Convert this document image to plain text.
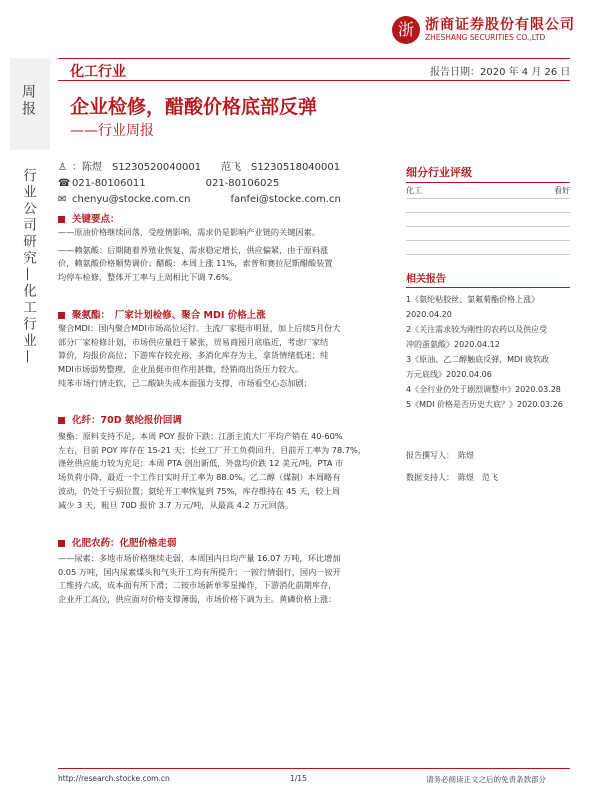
浙 浙商证券股份有限公司
ZHESHANG SECURITIES CO.,LTD
周报
化工行业	报告日期：2020 年 4 月 26 日
企业检修，醋酸价格底部反弹
——行业周报
行业公司研究—化工行业—
♙ ：陈煜　S1230520040001　　范飞　S1230518040001
☎ 021-80106011　　　　　　021-80106025
✉ chenyu@stocke.com.cn　　　　fanfei@stocke.com.cn
细分行业评级
化工	看好
相关报告
1《氨纶粘胶丝、氯氟菊酯价格上涨》
2020.04.20
2《关注需求较为刚性的农药以及供应受
冲的蛋氨酸》2020.04.12
3《原油、乙二醇触底反弹，MDI 疲软政
万元底线》2020.04.06
4《全行业仍处于剧烈调整中》2020.03.28
5《MDI 价格是否历史大底？》2020.03.26
报告撰写人：　陈煜
数据支持人：　陈煜　范飞
关键要点：
——原油价格继续回落，受疫情影响，需求仍是影响产业链的关键因素。
——赖氨酸：后期随着养殖业恢复，需求稳定增长，供应偏紧，由于原料涨
价，赖氨酸价格顺势调价；醋酸：本周上涨 11%，索普和赛拉尼斯醋酸装置
均停车检修，整体开工率与上周相比下调 7.6%。
聚氨酯：　厂家计划检修、聚合 MDI 价格上涨
聚合MDI：国内聚合MDI市场高位运行。主流厂家挺市明显，加上后续5月份大
部分厂家检修计划，市场供应量趋于紧张，贸易商囤月底临近，考虑厂家结
算价，均报价高位；下游库存较充裕，多消化库存为主，拿货情绪低迷；纯
MDI市场弱势整理，企业虽挺市但作用甚微，经销商出货压力较大。
纯苯市场行情走软，己二酸缺失成本面强力支撑，市场看空心态加剧；
化纤：70D 氨纶报价回调
聚酯：原料支持不足，本周 POY 报价下跌；江浙主流大厂平均产销在 40-60%
左右，目前 POY 库存在 15-21 天；长丝工厂开工负荷回升，目前开工率为 78.7%，
涤丝供应能力较为充足；本周 PTA 创出新低，外盘均价跌 12 美元/吨，PTA 市
场负荷小降，最近一个工作日实时开工率为 88.0%。乙二醇（煤制）本周略有
波动，仍处于亏损位置；氨纶开工率恢复到 75%，库存维持在 45 天，较上周
减少 3 天，粗旦 70D 报价 3.7 万元/吨，从最高 4.2 万元回落。
化肥农药：化肥价格走弱
——尿素：多地市场价格继续走弱，本周国内日均产量 16.07 万吨，环比增加
0.05 万吨，国内尿素煤头和气头开工均有所提升；一铵行情弱行，国内一铵开
工维持六成，成本面有所下滑；二铵市场新单零星操作，下游消化前期库存，
企业开工高位，供应面对价格支撑薄弱，市场价格下调为主。黄磷价格上涨：
http://research.stocke.com.cn	1/15	请务必阅读正文之后的免责条款部分
